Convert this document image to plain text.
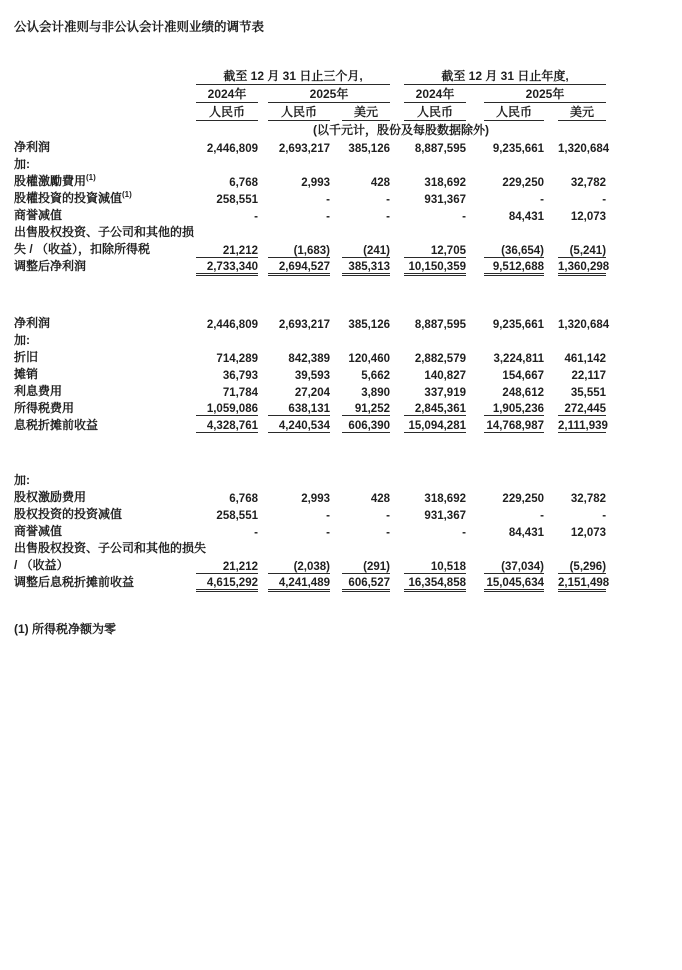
公认会计准则与非公认会计准则业绩的调节表
	截至 12 月 31 日止三个月,						截至 12 月 31 日止年度,				
	2024年		2025年				2024年		2025年		
	人民币		人民币		美元		人民币		人民币		美元
	(以千元计，股份及每股数据除外)										
净利润	2,446,809		2,693,217		385,126		8,887,595		9,235,661		1,320,684
加:											
股權激勵費用$^{(1)}$	6,768		2,993		428		318,692		229,250		32,782
股權投資的投資減值$^{(1)}$	258,551		-		-		931,367		-		-
商誉减值	-		-		-		-		84,431		12,073
出售股权投资、子公司和其他的损											
失 / （收益），扣除所得税	21,212		(1,683)		(241)		12,705		(36,654)		(5,241)
调整后净利润	2,733,340		2,694,527		385,313		10,150,359		9,512,688		1,360,298

净利润	2,446,809		2,693,217		385,126		8,887,595		9,235,661		1,320,684
加:											
折旧	714,289		842,389		120,460		2,882,579		3,224,811		461,142
摊销	36,793		39,593		5,662		140,827		154,667		22,117
利息费用	71,784		27,204		3,890		337,919		248,612		35,551
所得税费用	1,059,086		638,131		91,252		2,845,361		1,905,236		272,445
息税折摊前收益	4,328,761		4,240,534		606,390		15,094,281		14,768,987		2,111,939

加:											
股权激励费用	6,768		2,993		428		318,692		229,250		32,782
股权投资的投资减值	258,551		-		-		931,367		-		-
商誉减值	-		-		-		-		84,431		12,073
出售股权投资、子公司和其他的损失											
/ （收益）	21,212		(2,038)		(291)		10,518		(37,034)		(5,296)
调整后息税折摊前收益	4,615,292		4,241,489		606,527		16,354,858		15,045,634		2,151,498
(1) 所得税净额为零
